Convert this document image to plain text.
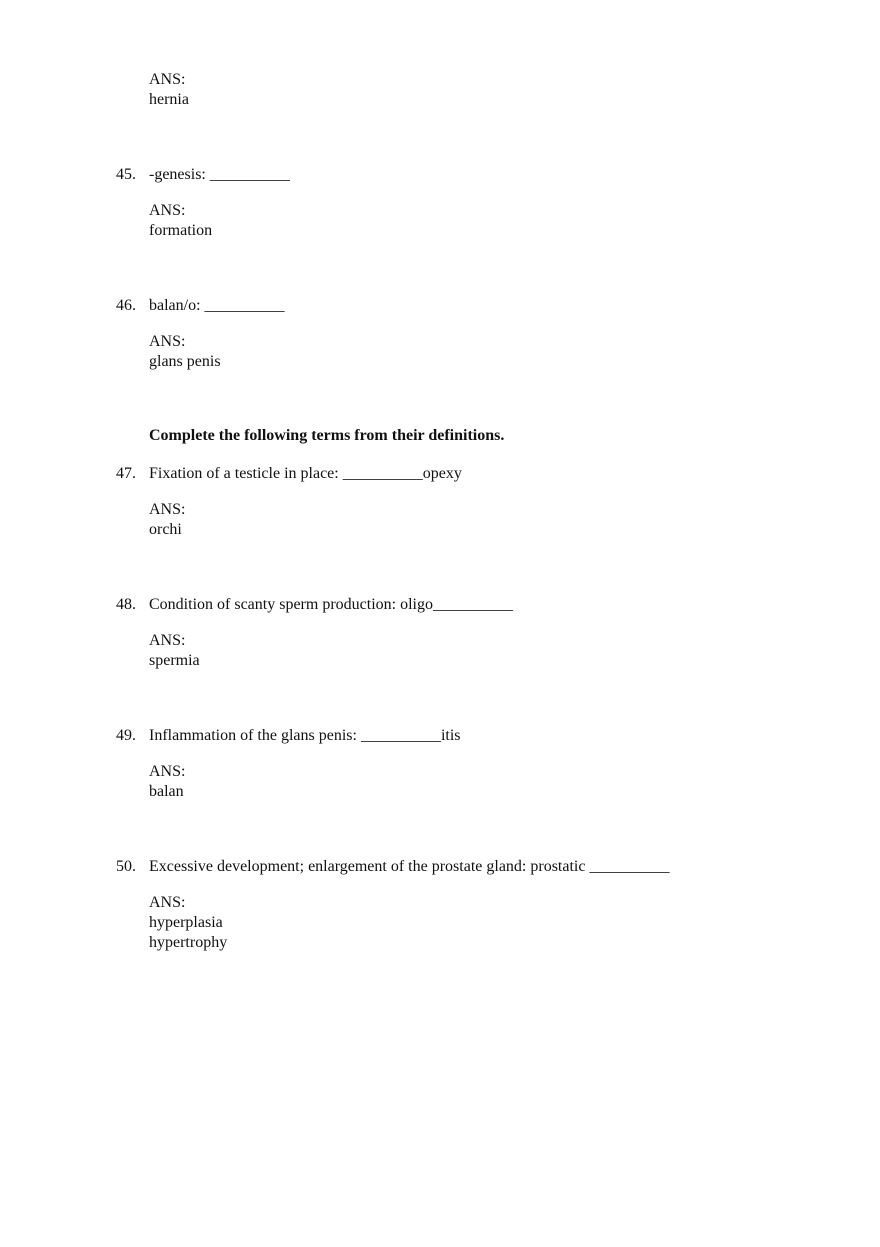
ANS:
hernia
45. -genesis: __________
ANS:
formation
46. balan/o: __________
ANS:
glans penis
Complete the following terms from their definitions.
47. Fixation of a testicle in place: __________opexy
ANS:
orchi
48. Condition of scanty sperm production: oligo__________
ANS:
spermia
49. Inflammation of the glans penis: __________itis
ANS:
balan
50. Excessive development; enlargement of the prostate gland: prostatic __________
ANS:
hyperplasia
hypertrophy
